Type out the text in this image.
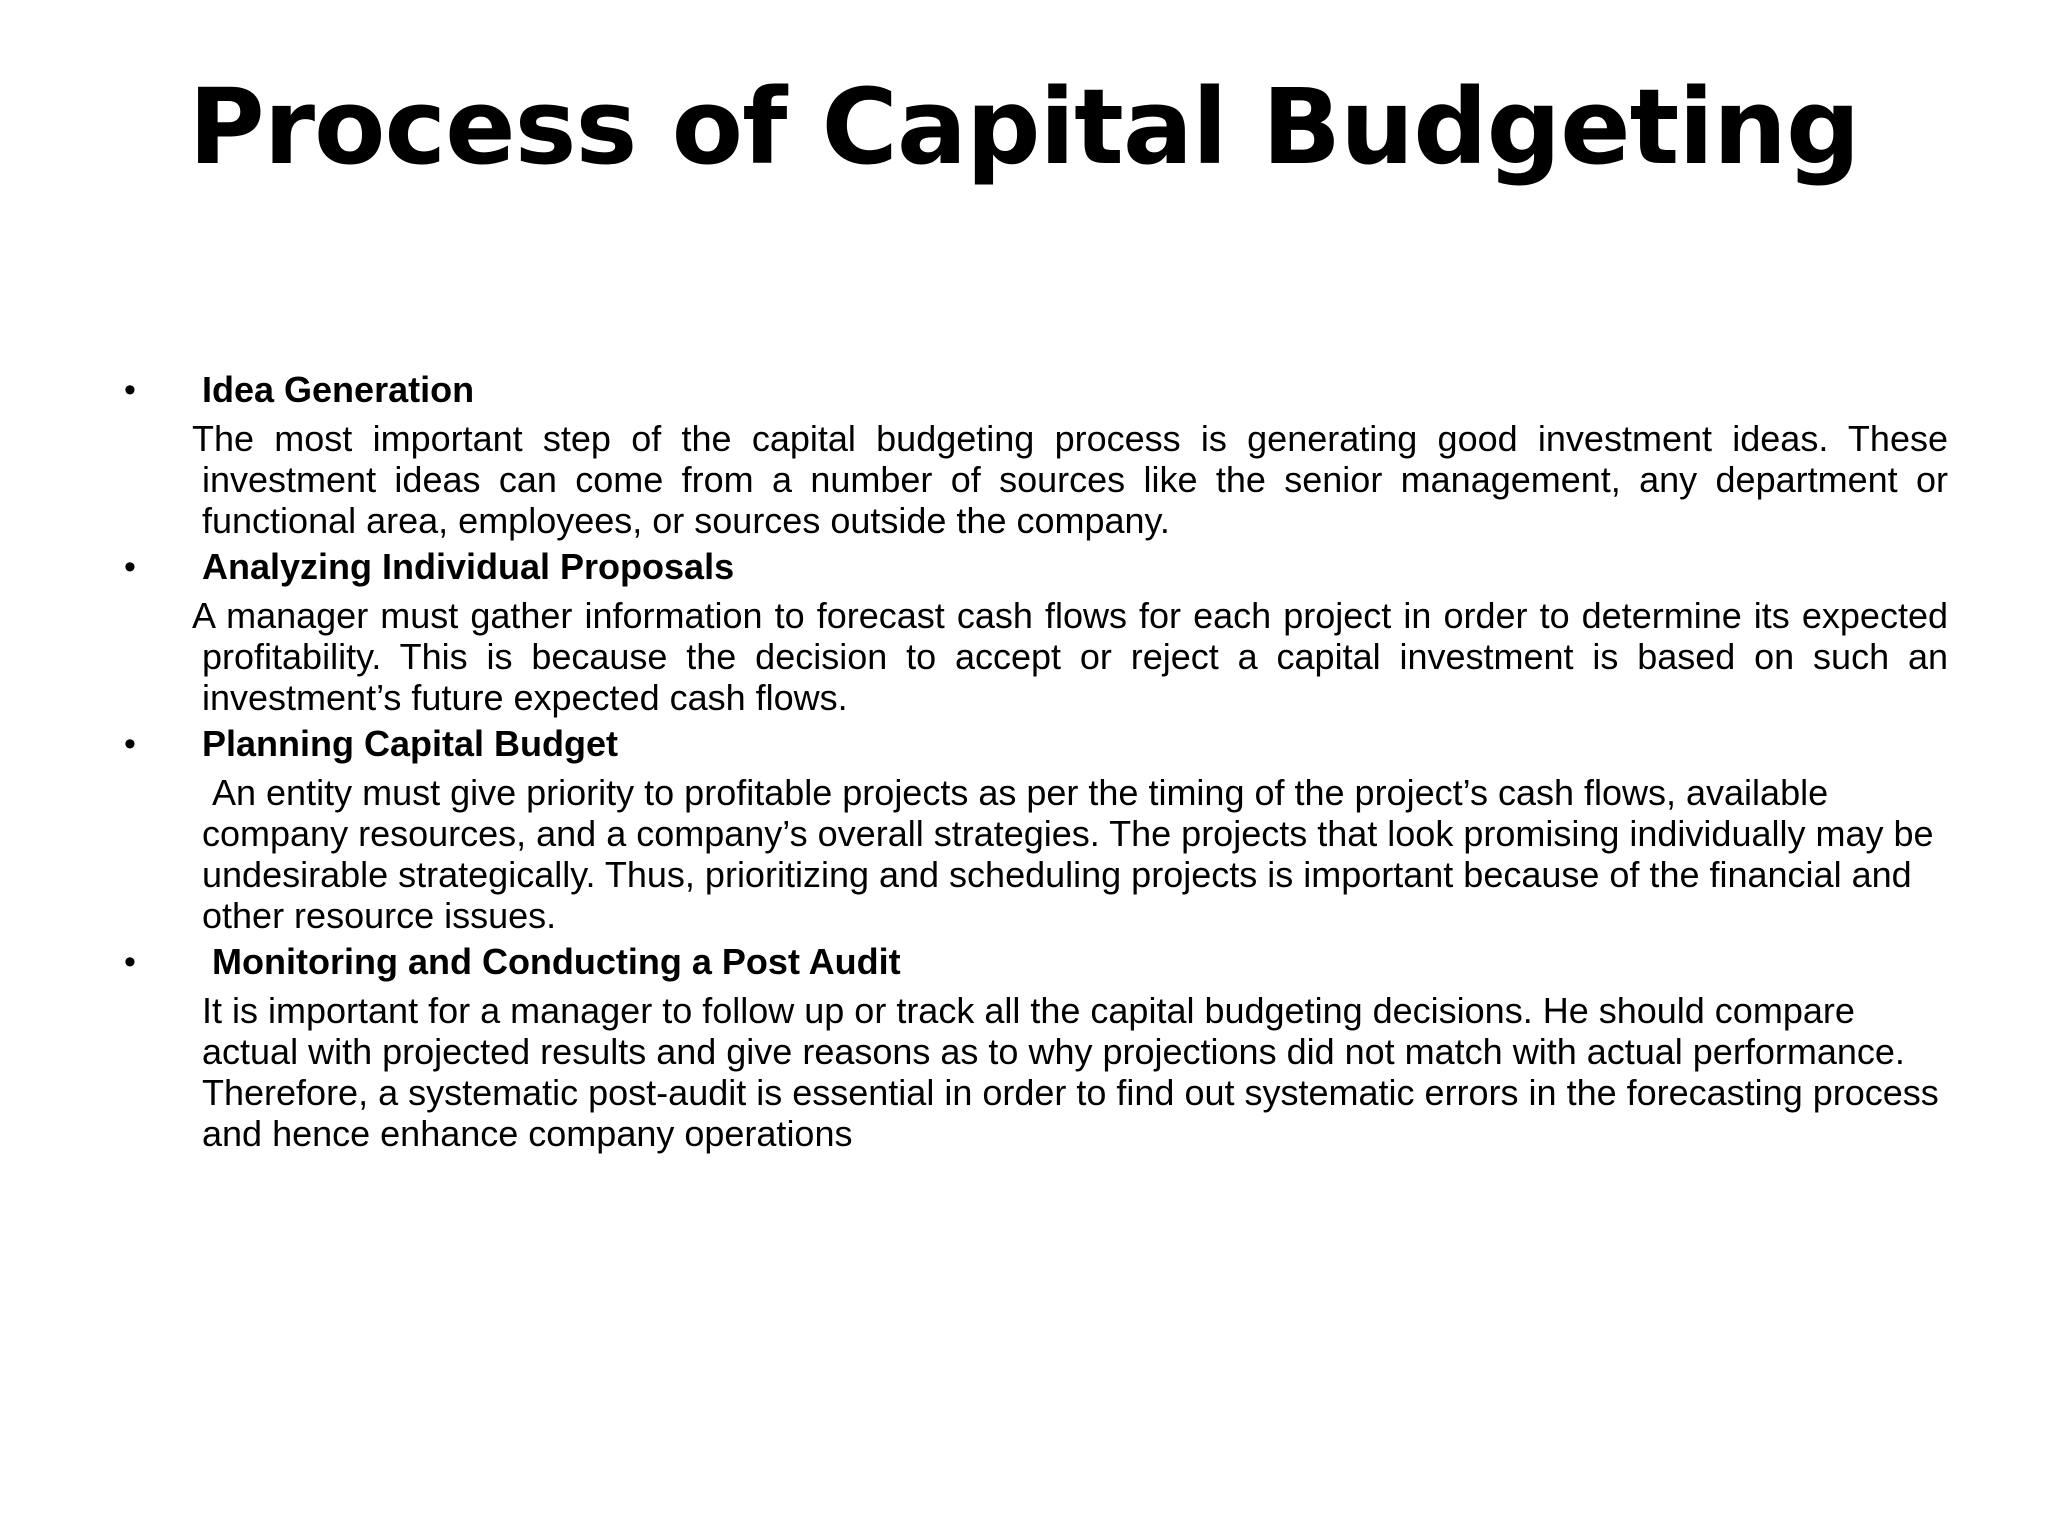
Process of Capital Budgeting
• Idea Generation

The most important step of the capital budgeting process is generating good investment ideas. These investment ideas can come from a number of sources like the senior management, any department or functional area, employees, or sources outside the company.

• Analyzing Individual Proposals

A manager must gather information to forecast cash flows for each project in order to determine its expected profitability. This is because the decision to accept or reject a capital investment is based on such an investment’s future expected cash flows.

• Planning Capital Budget

An entity must give priority to profitable projects as per the timing of the project’s cash flows, available company resources, and a company’s overall strategies. The projects that look promising individually may be undesirable strategically. Thus, prioritizing and scheduling projects is important because of the financial and other resource issues.

• Monitoring and Conducting a Post Audit

It is important for a manager to follow up or track all the capital budgeting decisions. He should compare actual with projected results and give reasons as to why projections did not match with actual performance. Therefore, a systematic post-audit is essential in order to find out systematic errors in the forecasting process and hence enhance company operations
